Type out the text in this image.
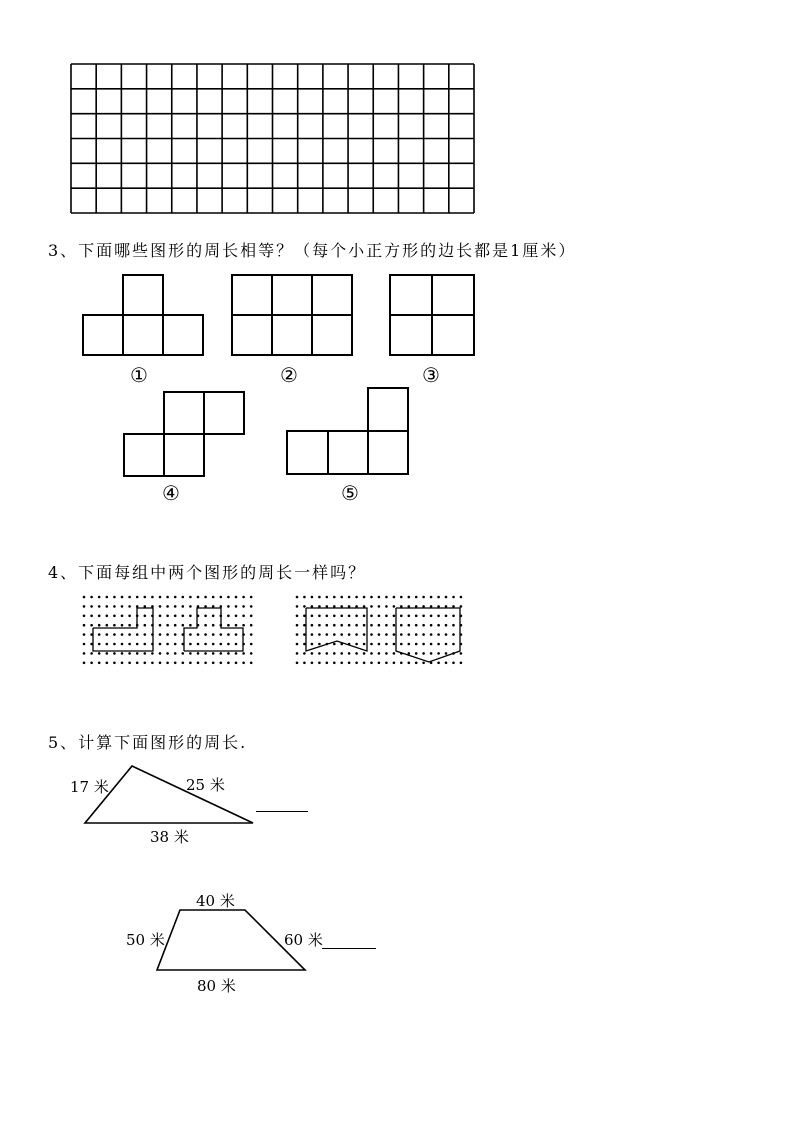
3、下面哪些图形的周长相等？（每个小正方形的边长都是1厘米）
①	②	③
④	⑤
4、下面每组中两个图形的周长一样吗？
5、计算下面图形的周长.
17 米	25 米
38 米
40 米
50 米	60 米
80 米
